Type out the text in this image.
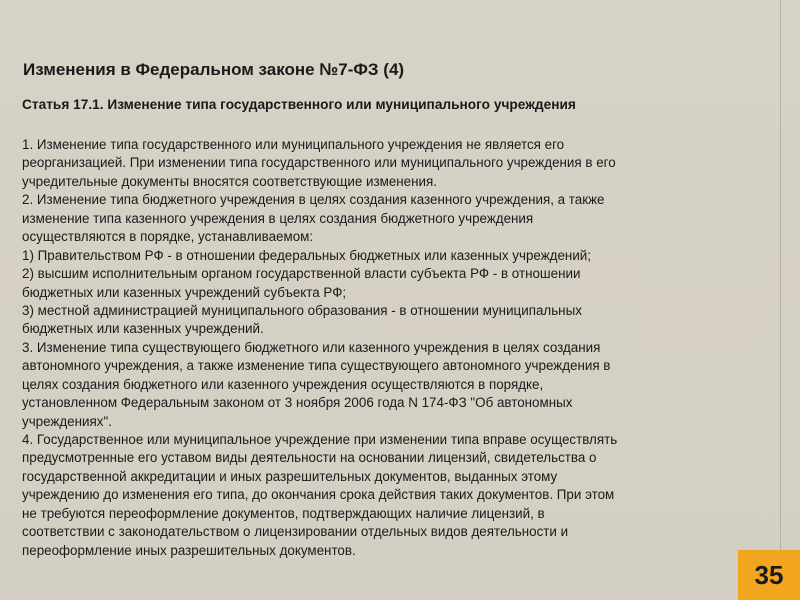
Изменения в Федеральном законе №7-ФЗ (4)
Статья 17.1. Изменение типа государственного или муниципального учреждения
1. Изменение типа государственного или муниципального учреждения не является его
реорганизацией. При изменении типа государственного или муниципального учреждения в его
учредительные документы вносятся соответствующие изменения.
2. Изменение типа бюджетного учреждения в целях создания казенного учреждения, а также
изменение типа казенного учреждения в целях создания бюджетного учреждения
осуществляются в порядке, устанавливаемом:
1) Правительством РФ - в отношении федеральных бюджетных или казенных учреждений;
2) высшим исполнительным органом государственной власти субъекта РФ - в отношении
бюджетных или казенных учреждений субъекта РФ;
3) местной администрацией муниципального образования - в отношении муниципальных
бюджетных или казенных учреждений.
3. Изменение типа существующего бюджетного или казенного учреждения в целях создания
автономного учреждения, а также изменение типа существующего автономного учреждения в
целях создания бюджетного или казенного учреждения осуществляются в порядке,
установленном Федеральным законом от 3 ноября 2006 года N 174-ФЗ "Об автономных
учреждениях".
4. Государственное или муниципальное учреждение при изменении типа вправе осуществлять
предусмотренные его уставом виды деятельности на основании лицензий, свидетельства о
государственной аккредитации и иных разрешительных документов, выданных этому
учреждению до изменения его типа, до окончания срока действия таких документов. При этом
не требуются переоформление документов, подтверждающих наличие лицензий, в
соответствии с законодательством о лицензировании отдельных видов деятельности и
переоформление иных разрешительных документов.
35
